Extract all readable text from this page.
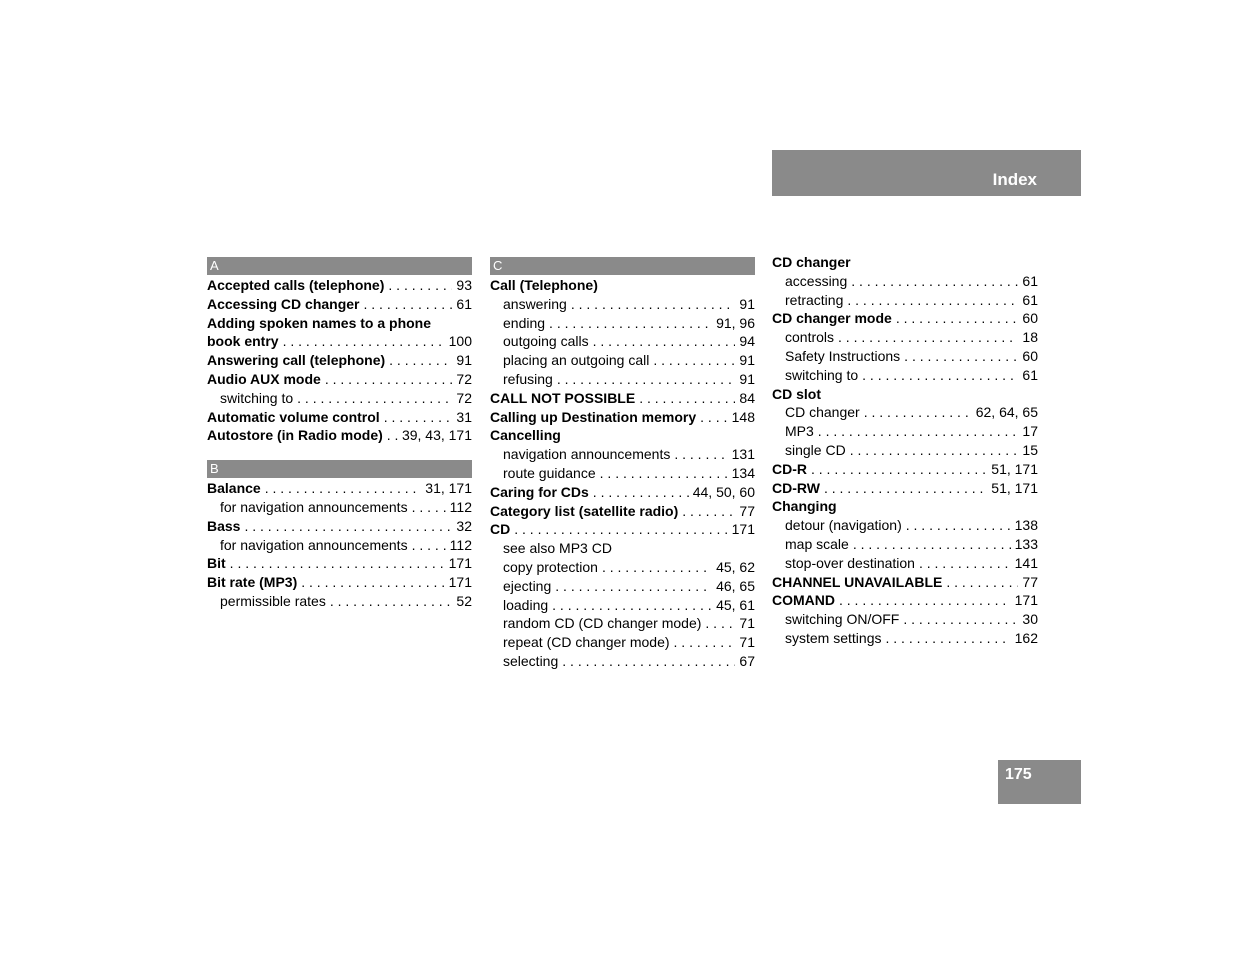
Index
A
Accepted calls (telephone) . . .	93
Accessing CD changer . . .	61
Adding spoken names to a phone
book entry . . .	100
Answering call (telephone) . . .	91
Audio AUX mode . . .	72
switching to . . .	72
Automatic volume control . . .	31
Autostore (in Radio mode) . . . 39, 43, 171
B
Balance . . .	31, 171
for navigation announcements . . .	112
Bass . . .	32
for navigation announcements . . .	112
Bit . . .	171
Bit rate (MP3) . . .	171
permissible rates . . .	52
C
Call (Telephone)
answering . . .	91
ending . . .	91, 96
outgoing calls . . .	94
placing an outgoing call . . .	91
refusing . . .	91
CALL NOT POSSIBLE . . .	84
Calling up Destination memory . . .	148
Cancelling
navigation announcements . . .	131
route guidance . . .	134
Caring for CDs . . .	44, 50, 60
Category list (satellite radio) . . .	77
CD . . .	171
see also MP3 CD
copy protection . . .	45, 62
ejecting . . .	46, 65
loading . . .	45, 61
random CD (CD changer mode) . . .	71
repeat (CD changer mode) . . .	71
selecting . . .	67
CD changer
accessing . . .	61
retracting . . .	61
CD changer mode . . .	60
controls . . .	18
Safety Instructions . . .	60
switching to . . .	61
CD slot
CD changer . . .	62, 64, 65
MP3 . . .	17
single CD . . .	15
CD-R . . .	51, 171
CD-RW . . .	51, 171
Changing
detour (navigation) . . .	138
map scale . . .	133
stop-over destination . . .	141
CHANNEL UNAVAILABLE . . .	77
COMAND . . .	171
switching ON/OFF . . .	30
system settings . . .	162
175
